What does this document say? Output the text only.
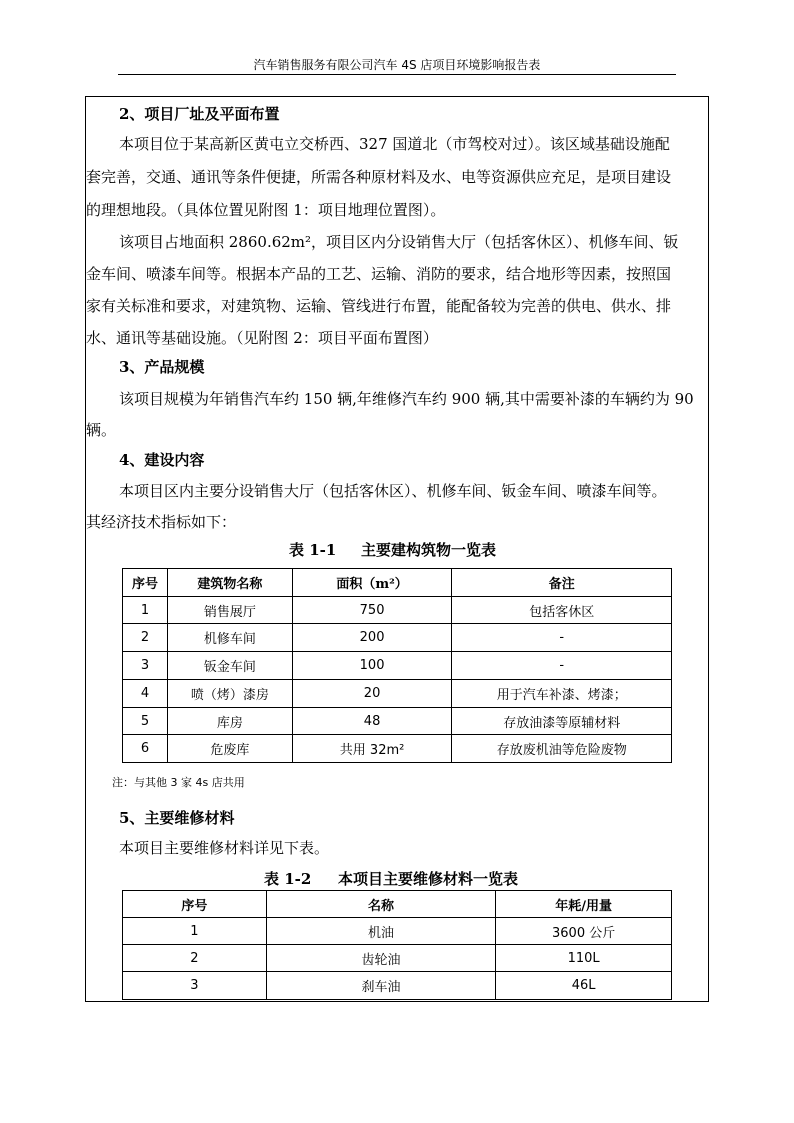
汽车销售服务有限公司汽车 4S 店项目环境影响报告表
2、项目厂址及平面布置
本项目位于某高新区黄屯立交桥西、327 国道北（市驾校对过）。该区域基础设施配
套完善，交通、通讯等条件便捷，所需各种原材料及水、电等资源供应充足，是项目建设
的理想地段。（具体位置见附图 1：项目地理位置图）。
该项目占地面积 2860.62m²，项目区内分设销售大厅（包括客休区）、机修车间、钣
金车间、喷漆车间等。根据本产品的工艺、运输、消防的要求，结合地形等因素，按照国
家有关标准和要求，对建筑物、运输、管线进行布置，能配备较为完善的供电、供水、排
水、通讯等基础设施。（见附图 2：项目平面布置图）
3、产品规模
该项目规模为年销售汽车约 150 辆,年维修汽车约 900 辆,其中需要补漆的车辆约为 90
辆。
4、建设内容
本项目区内主要分设销售大厅（包括客休区）、机修车间、钣金车间、喷漆车间等。
其经济技术指标如下：
表 1-1 主要建构筑物一览表
序号	建筑物名称	面积（m²）	备注
1	销售展厅	750	包括客休区
2	机修车间	200	-
3	钣金车间	100	-
4	喷（烤）漆房	20	用于汽车补漆、烤漆；
5	库房	48	存放油漆等原辅材料
6	危废库	共用 32m²	存放废机油等危险废物
注：与其他 3 家 4s 店共用
5、主要维修材料
本项目主要维修材料详见下表。
表 1-2 本项目主要维修材料一览表
序号	名称	年耗/用量
1	机油	3600 公斤
2	齿轮油	110L
3	刹车油	46L
